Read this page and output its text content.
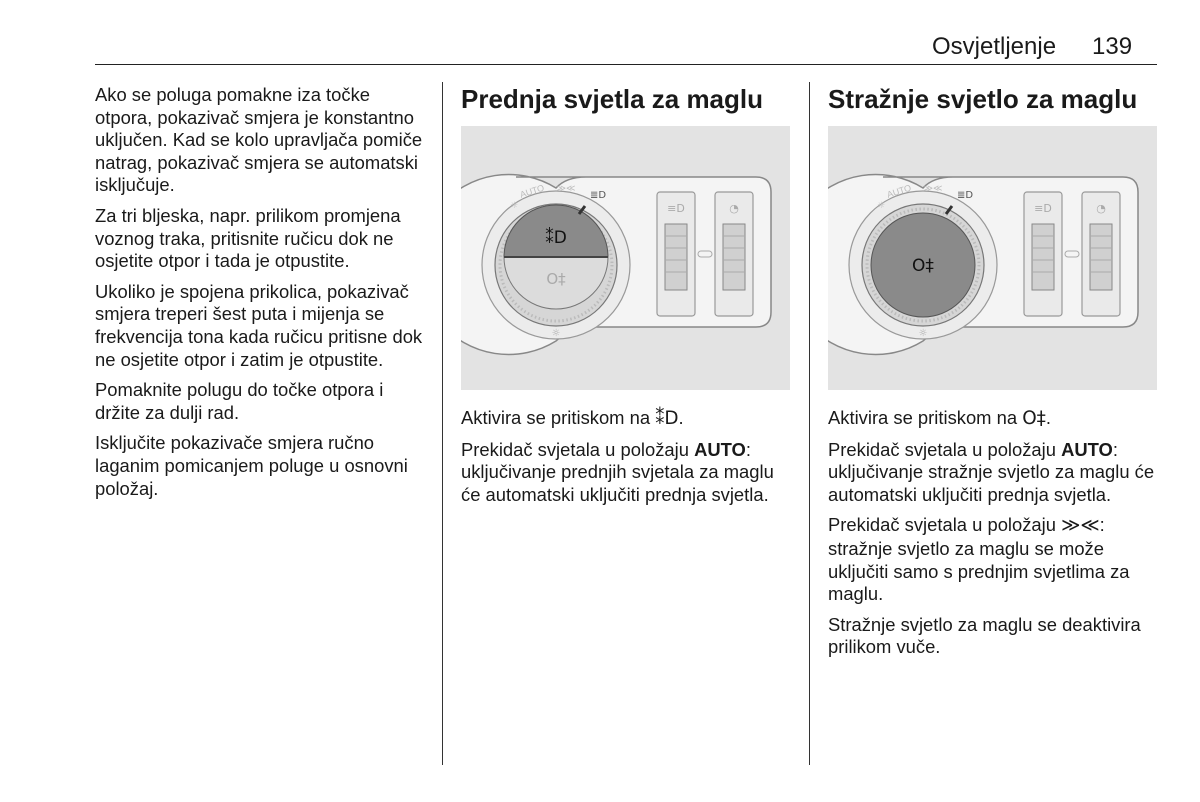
Osvjetljenje 139

Ako se poluga pomakne iza točke otpora, pokazivač smjera je konstantno uključen. Kad se kolo upravljača pomiče natrag, pokazivač smjera se automatski isključuje.

Za tri bljeska, napr. prilikom promjena voznog traka, pritisnite ručicu dok ne osjetite otpor i tada je otpustite.

Ukoliko je spojena prikolica, pokazivač smjera treperi šest puta i mijenja se frekvencija tona kada ručicu pritisne dok ne osjetite otpor i zatim je otpustite.

Pomaknite polugu do točke otpora i držite za dulji rad.

Isključite pokazivače smjera ručno laganim pomicanjem poluge u osnovni položaj.

Prednja svjetla za maglu
⁑D
O‡
AUTO	≣D
≫≪
☼
☼
≡D	◔

Aktivira se pritiskom na ⁑D.

Prekidač svjetala u položaju AUTO: uključivanje prednjih svjetala za maglu će automatski uključiti prednja svjetla.

Stražnje svjetlo za maglu
O‡
AUTO	≣D
≫≪
☼
☼
≡D	◔

Aktivira se pritiskom na O‡.

Prekidač svjetala u položaju AUTO: uključivanje stražnje svjetlo za maglu će automatski uključiti prednja svjetla.

Prekidač svjetala u položaju ≫≪: stražnje svjetlo za maglu se može uključiti samo s prednjim svjetlima za maglu.

Stražnje svjetlo za maglu se deaktivira prilikom vuče.
